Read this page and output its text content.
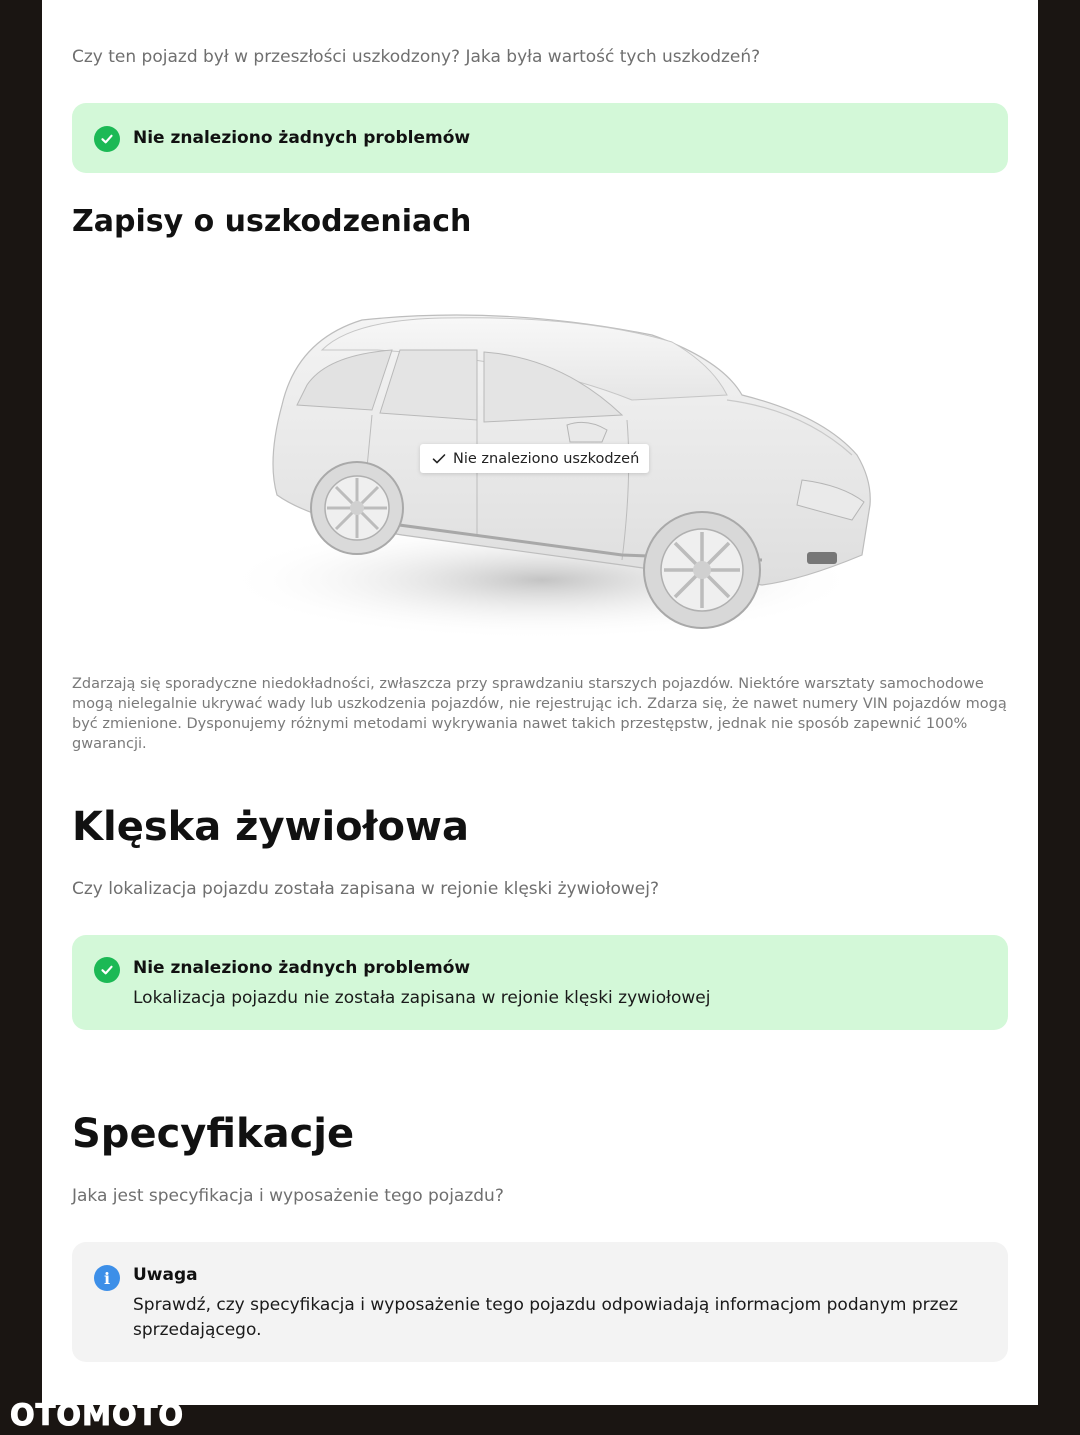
Czy ten pojazd był w przeszłości uszkodzony? Jaka była wartość tych uszkodzeń?

Nie znaleziono żadnych problemów
Zapisy o uszkodzeniach
Nie znaleziono uszkodzeń

Zdarzają się sporadyczne niedokładności, zwłaszcza przy sprawdzaniu starszych pojazdów. Niektóre warsztaty samochodowe mogą nielegalnie ukrywać wady lub uszkodzenia pojazdów, nie rejestrując ich. Zdarza się, że nawet numery VIN pojazdów mogą być zmienione. Dysponujemy różnymi metodami wykrywania nawet takich przestępstw, jednak nie sposób zapewnić 100% gwarancji.

Klęska żywiołowa

Czy lokalizacja pojazdu została zapisana w rejonie klęski żywiołowej?

Nie znaleziono żadnych problemów
Lokalizacja pojazdu nie została zapisana w rejonie klęski zywiołowej
Specyfikacje

Jaka jest specyfikacja i wyposażenie tego pojazdu?

i	Uwaga
Sprawdź, czy specyfikacja i wyposażenie tego pojazdu odpowiadają informacjom podanym przez sprzedającego.
OTOMOTO
